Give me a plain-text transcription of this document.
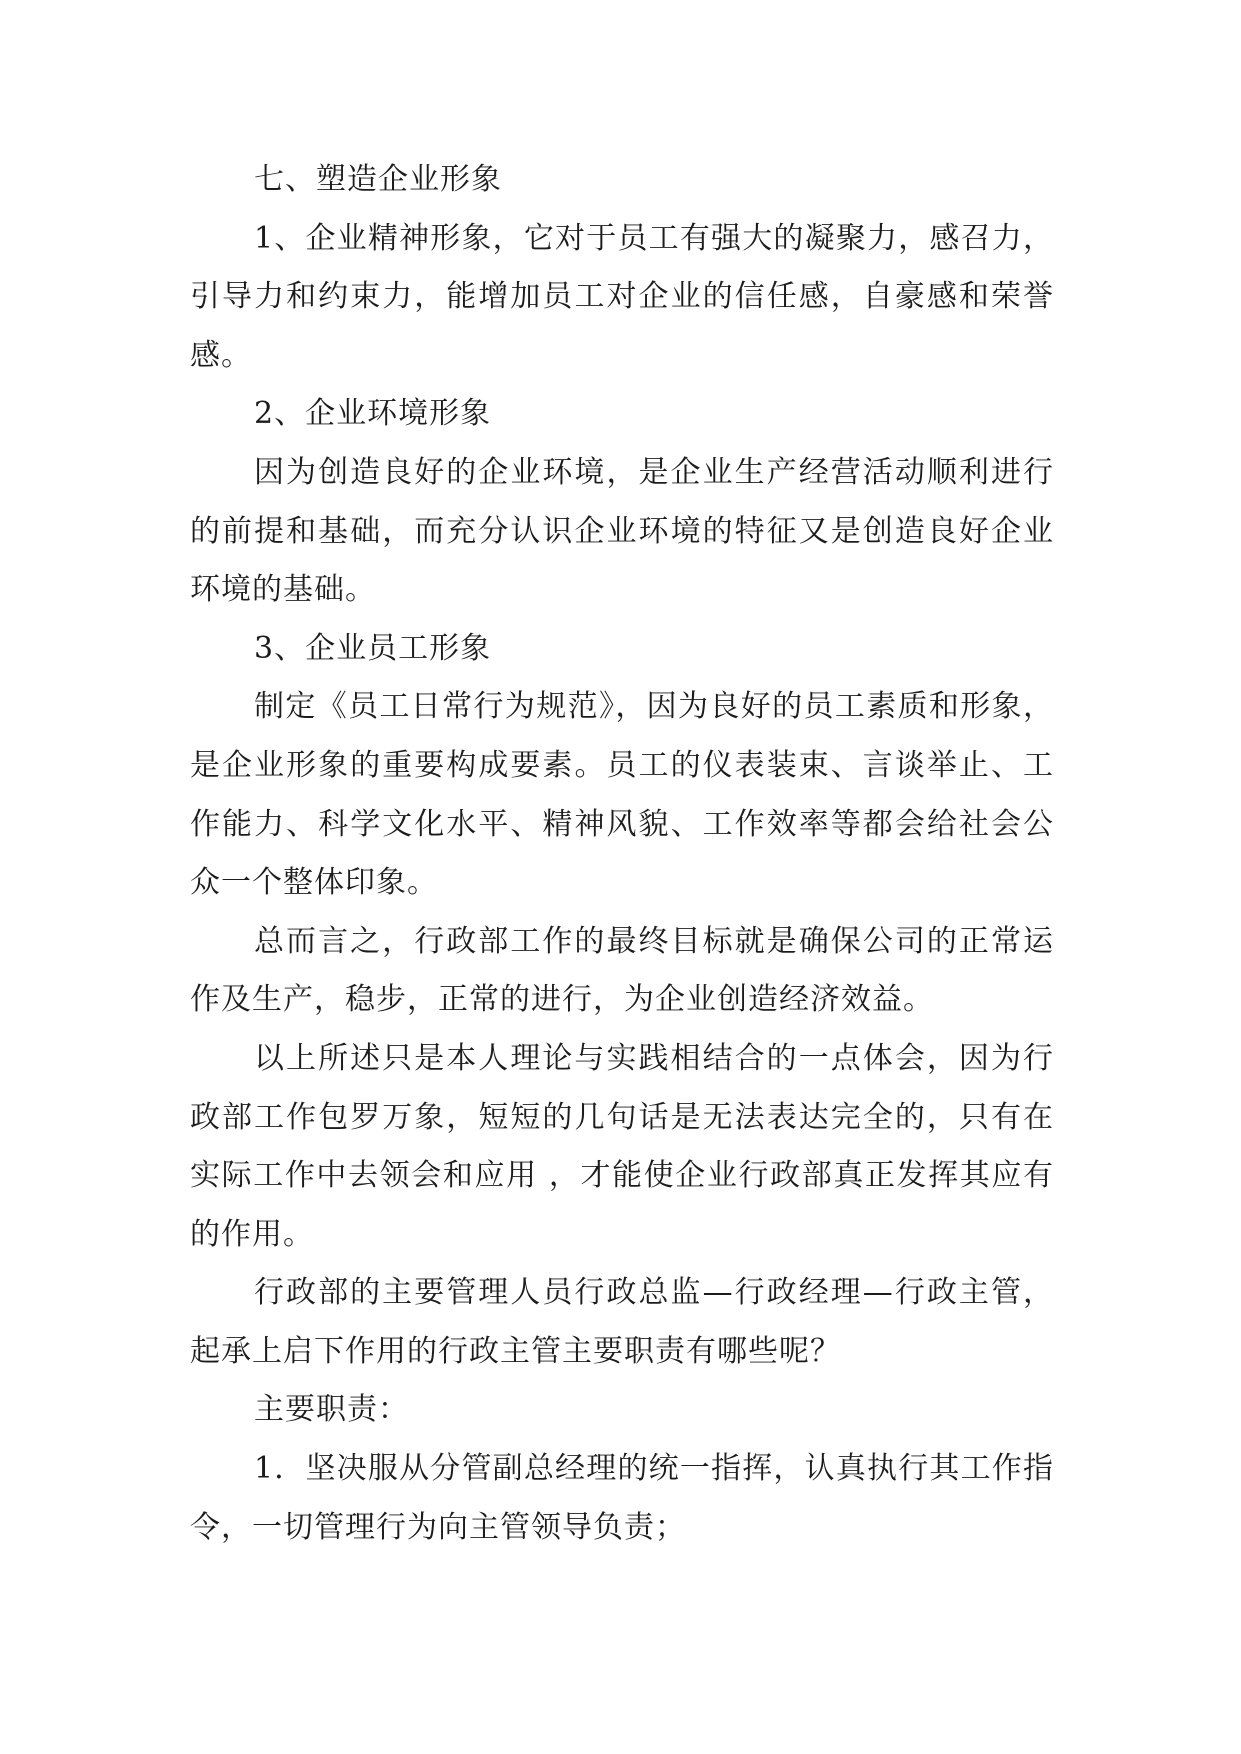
七、塑造企业形象

1、企业精神形象，它对于员工有强大的凝聚力，感召力，引导力和约束力，能增加员工对企业的信任感，自豪感和荣誉感。

2、企业环境形象

因为创造良好的企业环境，是企业生产经营活动顺利进行的前提和基础，而充分认识企业环境的特征又是创造良好企业环境的基础。

3、企业员工形象

制定《员工日常行为规范》，因为良好的员工素质和形象，是企业形象的重要构成要素。员工的仪表装束、言谈举止、工作能力、科学文化水平、精神风貌、工作效率等都会给社会公众一个整体印象。

总而言之，行政部工作的最终目标就是确保公司的正常运作及生产，稳步，正常的进行，为企业创造经济效益。

以上所述只是本人理论与实践相结合的一点体会，因为行政部工作包罗万象，短短的几句话是无法表达完全的，只有在实际工作中去领会和应用 ，才能使企业行政部真正发挥其应有的作用。

行政部的主要管理人员行政总监—行政经理—行政主管，起承上启下作用的行政主管主要职责有哪些呢？

主要职责：

1．坚决服从分管副总经理的统一指挥，认真执行其工作指令，一切管理行为向主管领导负责；
